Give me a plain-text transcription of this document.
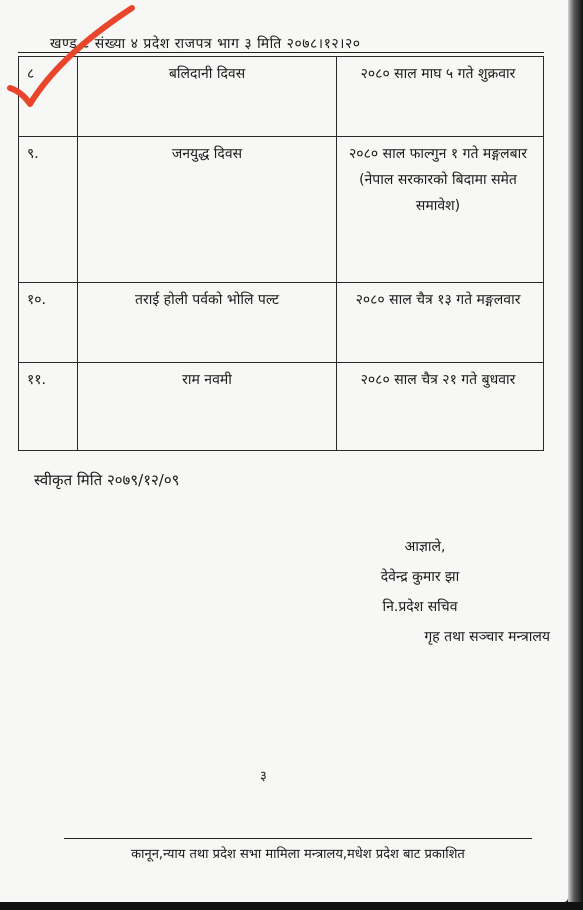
खण्ड ८ संख्या ४ प्रदेश राजपत्र भाग ३ मिति २०७८।१२।२०
८	बलिदानी दिवस	२०८० साल माघ ५ गते शुक्रवार
९.	जनयुद्ध दिवस	२०८० साल फाल्गुन १ गते मङ्गलबार (नेपाल सरकारको बिदामा समेत समावेश)
१०.	तराई होली पर्वको भोलि पल्ट	२०८० साल चैत्र १३ गते मङ्गलवार
११.	राम नवमी	२०८० साल चैत्र २१ गते बुधवार
स्वीकृत मिति २०७९/१२/०९
आज्ञाले,
देवेन्द्र कुमार झा
नि.प्रदेश सचिव
गृह तथा सञ्चार मन्त्रालय
३
कानून,न्याय तथा प्रदेश सभा मामिला मन्त्रालय,मधेश प्रदेश बाट प्रकाशित
